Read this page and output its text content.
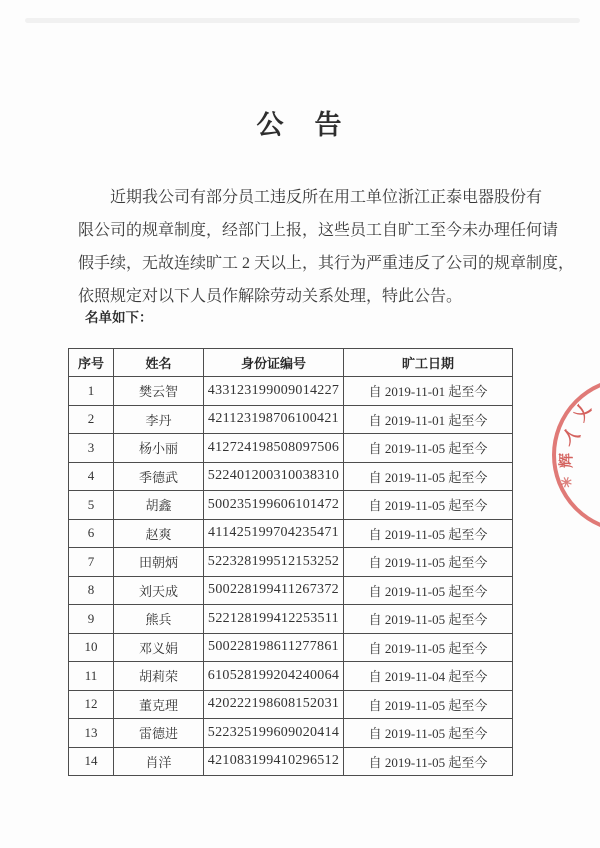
公　告
近期我公司有部分员工违反所在用工单位浙江正泰电器股份有
限公司的规章制度，经部门上报，这些员工自旷工至今未办理任何请
假手续，无故连续旷工 2 天以上，其行为严重违反了公司的规章制度，
依照规定对以下人员作解除劳动关系处理，特此公告。
名单如下：
序号	姓名	身份证编号	旷工日期
1	樊云智	433123199009014227	自 2019-11-01 起至今
2	李丹	421123198706100421	自 2019-11-01 起至今
3	杨小丽	412724198508097506	自 2019-11-05 起至今
4	季德武	522401200310038310	自 2019-11-05 起至今
5	胡鑫	500235199606101472	自 2019-11-05 起至今
6	赵爽	411425199704235471	自 2019-11-05 起至今
7	田朝炳	522328199512153252	自 2019-11-05 起至今
8	刘天成	500228199411267372	自 2019-11-05 起至今
9	熊兵	522128199412253511	自 2019-11-05 起至今
10	邓义娟	500228198611277861	自 2019-11-05 起至今
11	胡莉荣	610528199204240064	自 2019-11-04 起至今
12	董克理	420222198608152031	自 2019-11-05 起至今
13	雷德进	522325199609020414	自 2019-11-05 起至今
14	肖洋	421083199410296512	自 2019-11-05 起至今
乂
人
辉
✳
